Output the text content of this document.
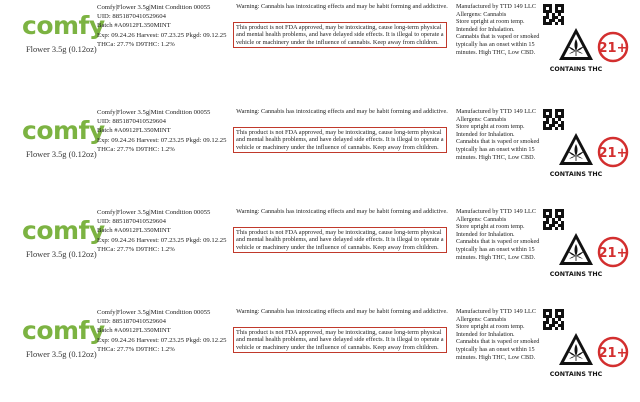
comfy
Flower 3.5g (0.12oz)
Comfy|Flower 3.5g|Mint Condition 00055
UID: 8851870410529604
Batch #A0912FL350MINT
Exp: 09.24.26 Harvest: 07.23.25 Pkgd: 09.12.25
THCa: 27.7% D9THC: 1.2%
Warning: Cannabis has intoxicating effects and may be habit forming and addictive.
This product is not FDA approved, may be intoxicating, cause long-term physical and mental health problems, and have delayed side effects. It is illegal to operate a vehicle or machinery under the influence of cannabis. Keep away from children.
Manufactured by TTD 149 LLC
Allergens: Cannabis
Store upright at room temp.
Intended for Inhalation.
Cannabis that is vaped or smoked
typically has an onset within 15
minutes. High THC, Low CBD.
CONTAINS THC
21+
comfy
Flower 3.5g (0.12oz)
Comfy|Flower 3.5g|Mint Condition 00055
UID: 8851870410529604
Batch #A0912FL350MINT
Exp: 09.24.26 Harvest: 07.23.25 Pkgd: 09.12.25
THCa: 27.7% D9THC: 1.2%
Warning: Cannabis has intoxicating effects and may be habit forming and addictive.
This product is not FDA approved, may be intoxicating, cause long-term physical and mental health problems, and have delayed side effects. It is illegal to operate a vehicle or machinery under the influence of cannabis. Keep away from children.
Manufactured by TTD 149 LLC
Allergens: Cannabis
Store upright at room temp.
Intended for Inhalation.
Cannabis that is vaped or smoked
typically has an onset within 15
minutes. High THC, Low CBD.
CONTAINS THC
21+
comfy
Flower 3.5g (0.12oz)
Comfy|Flower 3.5g|Mint Condition 00055
UID: 8851870410529604
Batch #A0912FL350MINT
Exp: 09.24.26 Harvest: 07.23.25 Pkgd: 09.12.25
THCa: 27.7% D9THC: 1.2%
Warning: Cannabis has intoxicating effects and may be habit forming and addictive.
This product is not FDA approved, may be intoxicating, cause long-term physical and mental health problems, and have delayed side effects. It is illegal to operate a vehicle or machinery under the influence of cannabis. Keep away from children.
Manufactured by TTD 149 LLC
Allergens: Cannabis
Store upright at room temp.
Intended for Inhalation.
Cannabis that is vaped or smoked
typically has an onset within 15
minutes. High THC, Low CBD.
CONTAINS THC
21+
comfy
Flower 3.5g (0.12oz)
Comfy|Flower 3.5g|Mint Condition 00055
UID: 8851870410529604
Batch #A0912FL350MINT
Exp: 09.24.26 Harvest: 07.23.25 Pkgd: 09.12.25
THCa: 27.7% D9THC: 1.2%
Warning: Cannabis has intoxicating effects and may be habit forming and addictive.
This product is not FDA approved, may be intoxicating, cause long-term physical and mental health problems, and have delayed side effects. It is illegal to operate a vehicle or machinery under the influence of cannabis. Keep away from children.
Manufactured by TTD 149 LLC
Allergens: Cannabis
Store upright at room temp.
Intended for Inhalation.
Cannabis that is vaped or smoked
typically has an onset within 15
minutes. High THC, Low CBD.
CONTAINS THC
21+
